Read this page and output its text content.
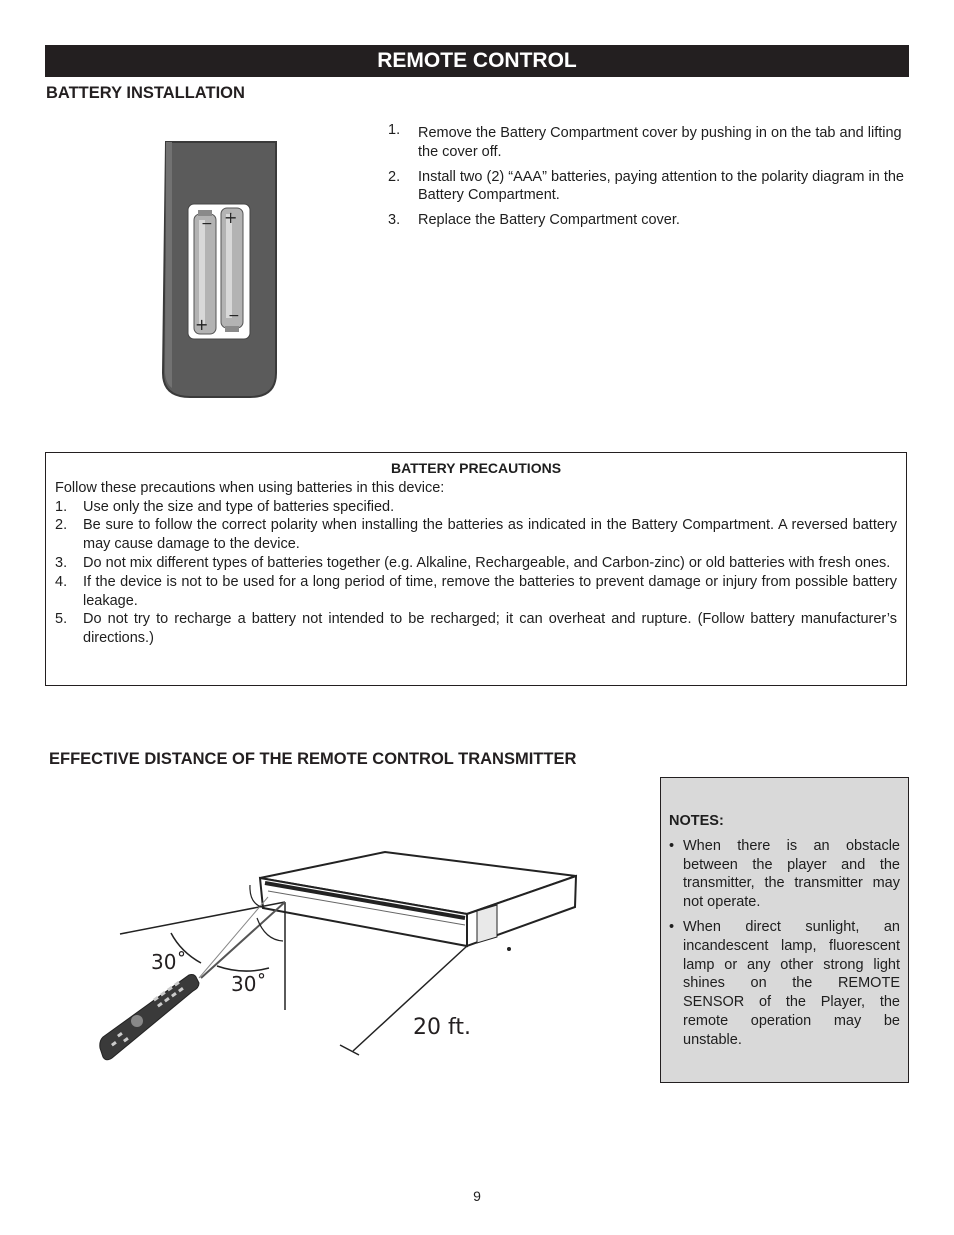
REMOTE CONTROL
BATTERY INSTALLATION
− +
+ −
1.	Remove the Battery Compartment cover by pushing in on the tab and lifting the cover off.
2.	Install two (2) “AAA” batteries, paying attention to the polarity diagram in the Battery Compartment.
3.	Replace the Battery Compartment cover.
BATTERY PRECAUTIONS
Follow these precautions when using batteries in this device:
1.	Use only the size and type of batteries specified.
2.	Be sure to follow the correct polarity when installing the batteries as indicated in the Battery Compartment. A reversed battery may cause damage to the device.
3.	Do not mix different types of batteries together (e.g. Alkaline, Rechargeable, and Carbon-zinc) or old batteries with fresh ones.
4.	If the device is not to be used for a long period of time, remove the batteries to prevent damage or injury from possible battery leakage.
5.	Do not try to recharge a battery not intended to be recharged; it can overheat and rupture. (Follow battery manufacturer’s directions.)
EFFECTIVE DISTANCE OF THE REMOTE CONTROL TRANSMITTER
30˚
30˚
20 ft.
NOTES:
• When there is an obstacle between the player and the transmitter, the transmitter may not operate.
• When direct sunlight, an incandescent lamp, fluorescent lamp or any other strong light shines on the REMOTE SENSOR of the Player, the remote operation may be unstable.
9
